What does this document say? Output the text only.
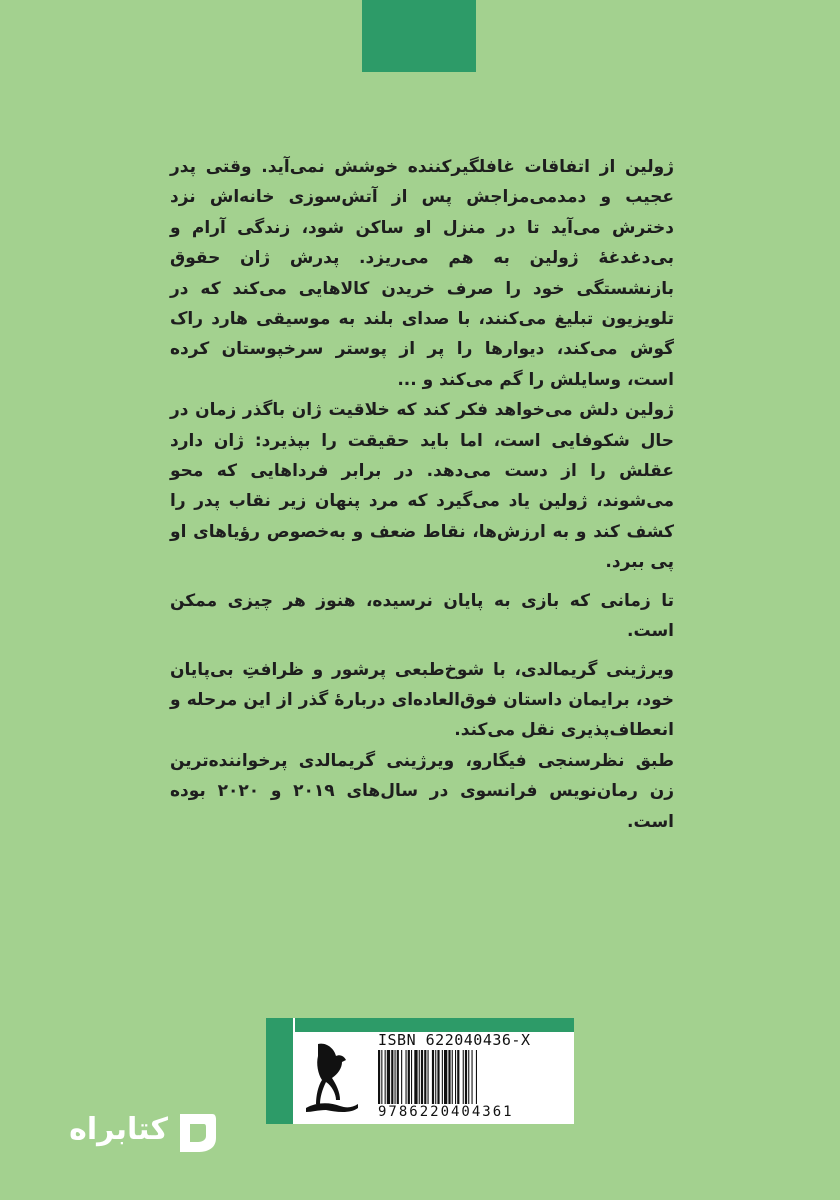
ژولین از اتفاقات غافلگیرکننده خوشش نمی‌آید. وقتی پدر عجیب و دمدمی‌مزاجش پس از آتش‌سوزی خانه‌اش نزد دخترش می‌آید تا در منزل او ساکن شود، زندگی آرام و بی‌دغدغهٔ ژولین به هم می‌ریزد. پدرش ژان حقوق بازنشستگی خود را صرف خریدن کالاهایی می‌کند که در تلویزیون تبلیغ می‌کنند، با صدای بلند به موسیقی هارد راک گوش می‌کند، دیوارها را پر از پوستر سرخپوستان کرده است، وسایلش را گم می‌کند و ...

ژولین دلش می‌خواهد فکر کند که خلاقیت ژان باگذر زمان در حال شکوفایی است، اما باید حقیقت را بپذیرد: ژان دارد عقلش را از دست می‌دهد. در برابر فرداهایی که محو می‌شوند، ژولین یاد می‌گیرد که مرد پنهان زیر نقاب پدر را کشف کند و به ارزش‌ها، نقاط ضعف و به‌خصوص رؤیاهای او پی ببرد.

تا زمانی که بازی به پایان نرسیده، هنوز هر چیزی ممکن است.

ویرژینی گریمالدی، با شوخ‌طبعی پرشور و ظرافتِ بی‌پایان خود، برایمان داستان فوق‌العاده‌ای دربارهٔ گذر از این مرحله و انعطاف‌پذیری نقل می‌کند.

طبق نظرسنجی فیگارو، ویرژینی گریمالدی پرخواننده‌ترین زن رمان‌نویس فرانسوی در سال‌های ۲۰۱۹ و ۲۰۲۰ بوده است.

ISBN 622040436-X
9786220404361
کتابراه
